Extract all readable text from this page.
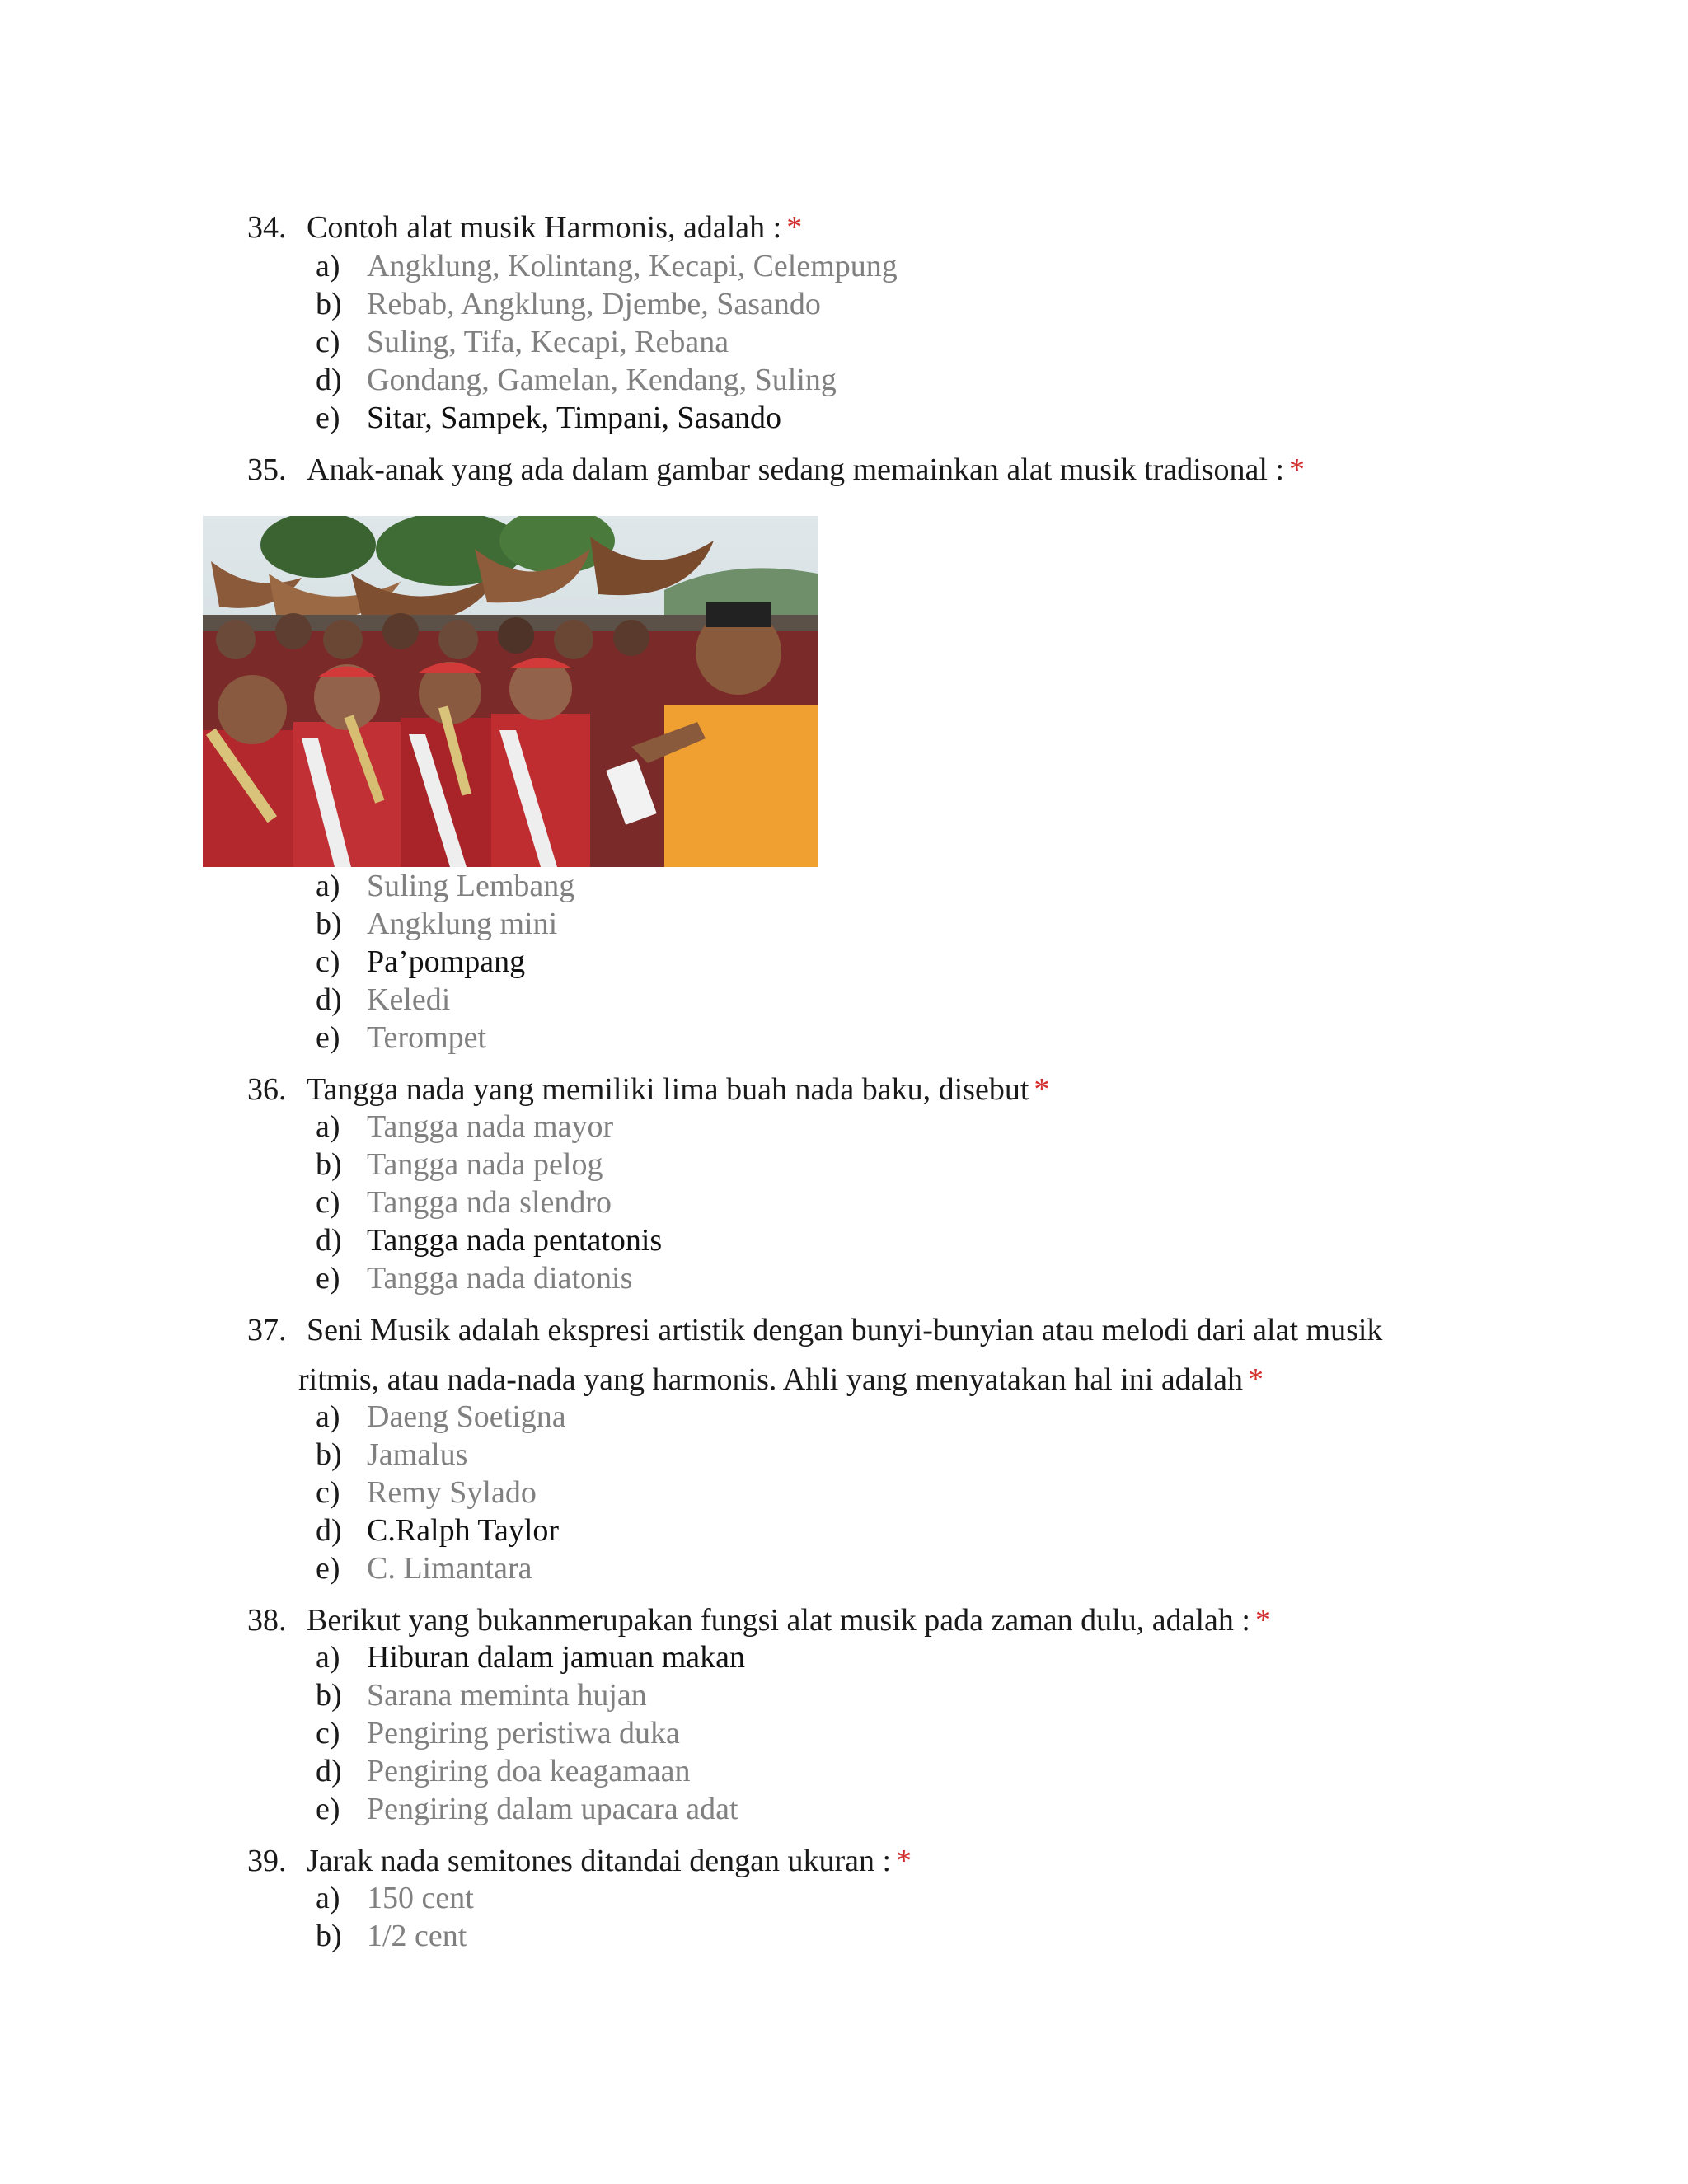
34. Contoh alat musik Harmonis, adalah : *
a) Angklung, Kolintang, Kecapi, Celempung
b) Rebab, Angklung, Djembe, Sasando
c) Suling, Tifa, Kecapi, Rebana
d) Gondang, Gamelan, Kendang, Suling
e) Sitar, Sampek, Timpani, Sasando
35. Anak-anak yang ada dalam gambar sedang memainkan alat musik tradisonal : *
a) Suling Lembang
b) Angklung mini
c) Pa’pompang
d) Keledi
e) Terompet
36. Tangga nada yang memiliki lima buah nada baku, disebut *
a) Tangga nada mayor
b) Tangga nada pelog
c) Tangga nda slendro
d) Tangga nada pentatonis
e) Tangga nada diatonis
37. Seni Musik adalah ekspresi artistik dengan bunyi-bunyian atau melodi dari alat musik
ritmis, atau nada-nada yang harmonis. Ahli yang menyatakan hal ini adalah *
a) Daeng Soetigna
b) Jamalus
c) Remy Sylado
d) C.Ralph Taylor
e) C. Limantara
38. Berikut yang bukanmerupakan fungsi alat musik pada zaman dulu, adalah : *
a) Hiburan dalam jamuan makan
b) Sarana meminta hujan
c) Pengiring peristiwa duka
d) Pengiring doa keagamaan
e) Pengiring dalam upacara adat
39. Jarak nada semitones ditandai dengan ukuran : *
a) 150 cent
b) 1/2 cent
